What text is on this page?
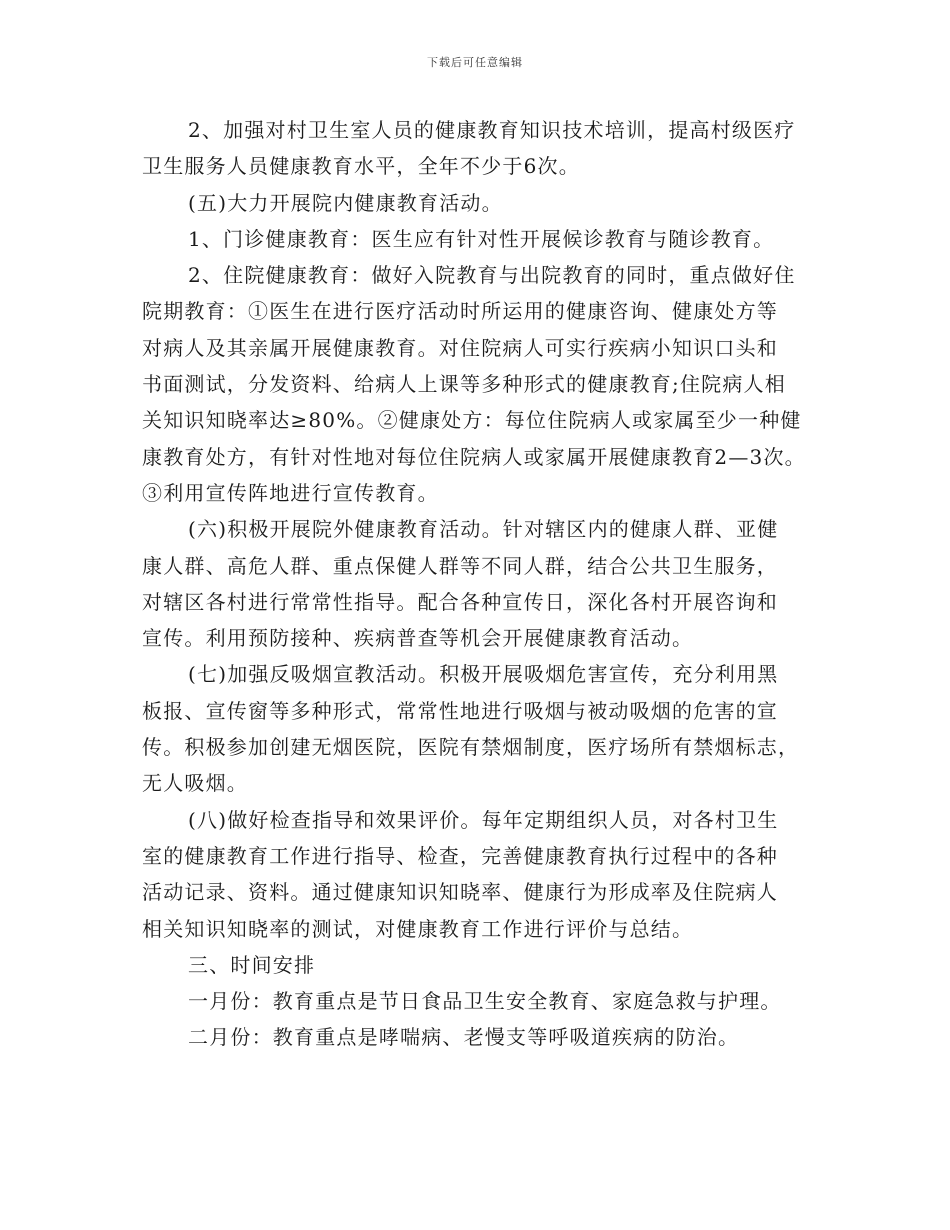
下载后可任意编辑
2、加强对村卫生室人员的健康教育知识技术培训，提高村级医疗
卫生服务人员健康教育水平，全年不少于6次。
(五)大力开展院内健康教育活动。
1、门诊健康教育：医生应有针对性开展候诊教育与随诊教育。
2、住院健康教育：做好入院教育与出院教育的同时，重点做好住
院期教育：①医生在进行医疗活动时所运用的健康咨询、健康处方等
对病人及其亲属开展健康教育。对住院病人可实行疾病小知识口头和
书面测试，分发资料、给病人上课等多种形式的健康教育;住院病人相
关知识知晓率达≥80%。②健康处方：每位住院病人或家属至少一种健
康教育处方，有针对性地对每位住院病人或家属开展健康教育2—3次。
③利用宣传阵地进行宣传教育。
(六)积极开展院外健康教育活动。针对辖区内的健康人群、亚健
康人群、高危人群、重点保健人群等不同人群，结合公共卫生服务，
对辖区各村进行常常性指导。配合各种宣传日，深化各村开展咨询和
宣传。利用预防接种、疾病普查等机会开展健康教育活动。
(七)加强反吸烟宣教活动。积极开展吸烟危害宣传，充分利用黑
板报、宣传窗等多种形式，常常性地进行吸烟与被动吸烟的危害的宣
传。积极参加创建无烟医院，医院有禁烟制度，医疗场所有禁烟标志，
无人吸烟。
(八)做好检查指导和效果评价。每年定期组织人员，对各村卫生
室的健康教育工作进行指导、检查，完善健康教育执行过程中的各种
活动记录、资料。通过健康知识知晓率、健康行为形成率及住院病人
相关知识知晓率的测试，对健康教育工作进行评价与总结。
三、时间安排
一月份：教育重点是节日食品卫生安全教育、家庭急救与护理。
二月份：教育重点是哮喘病、老慢支等呼吸道疾病的防治。
